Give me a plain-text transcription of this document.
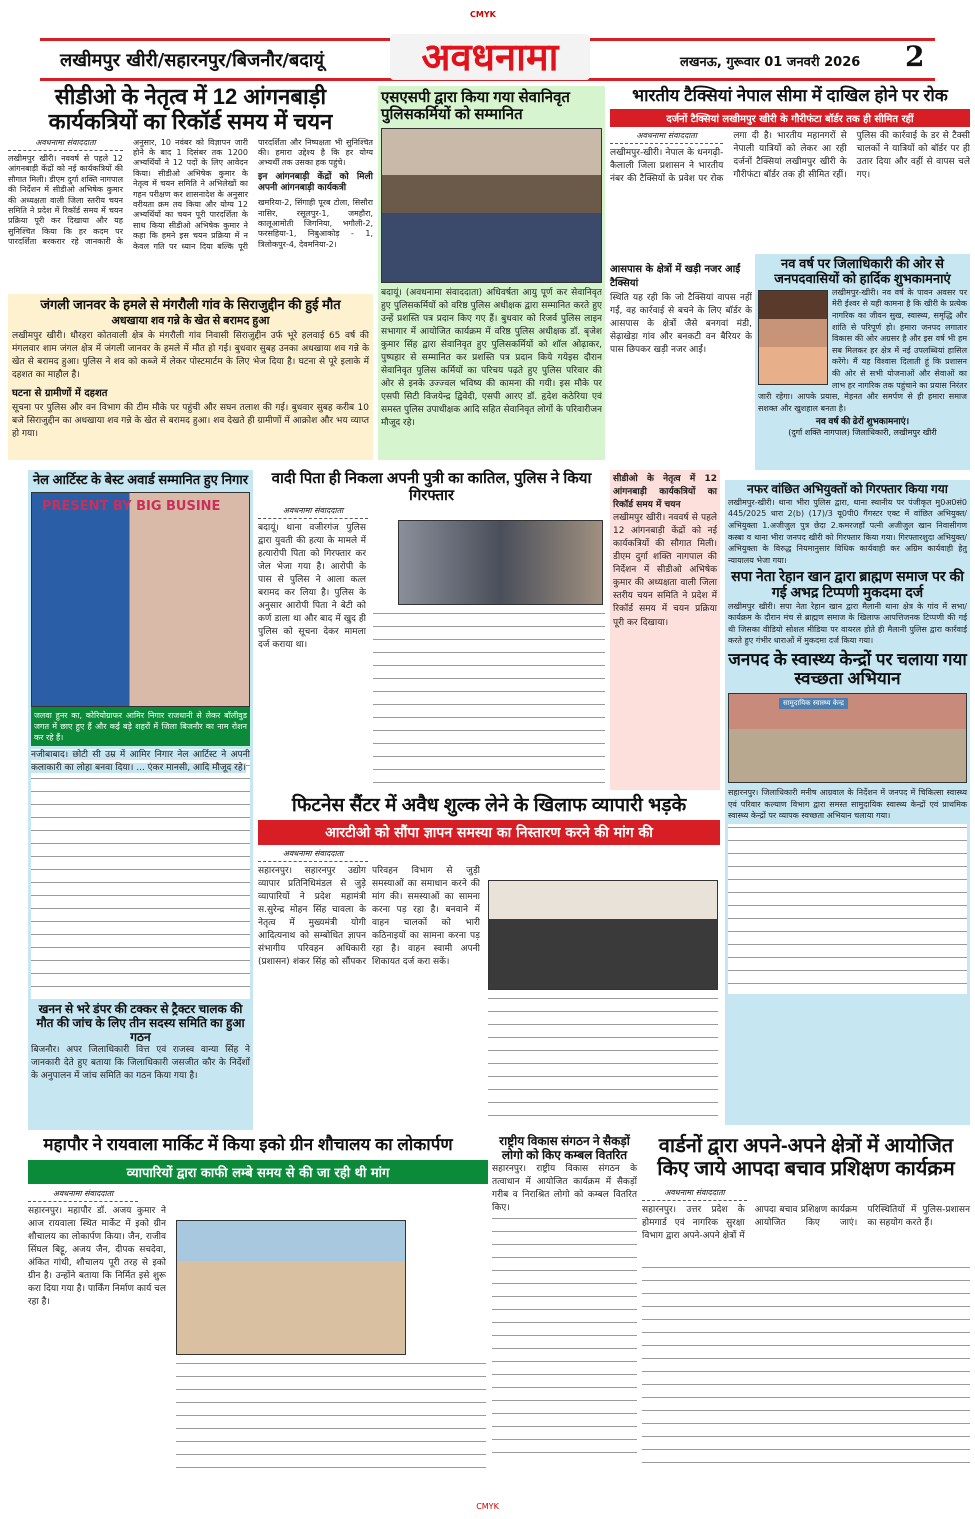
CMYK
लखीमपुर खीरी/सहारनपुर/बिजनौर/बदायूं	अवधनामा	लखनऊ, गुरूवार 01 जनवरी 2026 2
सीडीओ के नेतृत्व में 12 आंगनबाड़ी कार्यकत्रियों का रिकॉर्ड समय में चयन
अवधनामा संवाददाता
लखीमपुर खीरी। नववर्ष से पहले 12 आंगनबाड़ी केंद्रों को नई कार्यकत्रियों की सौगात मिली। डीएम दुर्गा शक्ति नागपाल की निर्देशन में सीडीओ अभिषेक कुमार की अध्यक्षता वाली जिला स्तरीय चयन समिति ने प्रदेश में रिकॉर्ड समय में चयन प्रक्रिया पूरी कर दिखाया और यह सुनिश्चित किया कि हर कदम पर पारदर्शिता बरकरार रहे जानकारी के अनुसार, 10 नवंबर को विज्ञापन जारी होने के बाद 1 दिसंबर तक 1200 अभ्यर्थियों ने 12 पदों के लिए आवेदन किया। सीडीओ अभिषेक कुमार के नेतृत्व में चयन समिति ने अभिलेखों का गहन परीक्षण कर शासनादेश के अनुसार वरीयता क्रम तय किया और योग्य 12 अभ्यर्थियों का चयन पूरी पारदर्शिता के साथ किया सीडीओ अभिषेक कुमार ने कहा कि हमने इस चयन प्रक्रिया में न केवल गति पर ध्यान दिया बल्कि पूरी पारदर्शिता और निष्पक्षता भी सुनिश्चित की। हमारा उद्देश्य है कि हर योग्य अभ्यर्थी तक उसका हक पहुंचे।
इन आंगनबाड़ी केंद्रों को मिली अपनी आंगनबाड़ी कार्यकत्री
खमरिया-2, सिंगाही पूरब टोला, सिसौरा नासिर, रसूलपुर-1, जमहौरा, कालूआमोती जिगनिया, भगौली-2, फरसहिया-1, निबुआकोड़ - 1, त्रिलोकपुर-4, देवमनिया-2।
जंगली जानवर के हमले से मंगरौली गांव के सिराजुद्दीन की हुई मौत
अधखाया शव गन्ने के खेत से बरामद हुआ
लखीमपुर खीरी। धौरहरा कोतवाली क्षेत्र के मंगरौली गांव निवासी सिराजुद्दीन उर्फ भूरे हलवाई 65 वर्ष की मंगलवार शाम जंगल क्षेत्र में जंगली जानवर के हमले में मौत हो गई। बुधवार सुबह उनका अधखाया शव गन्ने के खेत से बरामद हुआ। पुलिस ने शव को कब्जे में लेकर पोस्टमार्टम के लिए भेज दिया है। घटना से पूरे इलाके में दहशत का माहौल है।
घटना से ग्रामीणों में दहशत
सूचना पर पुलिस और वन विभाग की टीम मौके पर पहुंची और सघन तलाश की गई। बुधवार सुबह करीब 10 बजे सिराजुद्दीन का अधखाया शव गन्ने के खेत से बरामद हुआ। शव देखते ही ग्रामीणों में आक्रोश और भय व्याप्त हो गया।
एसएसपी द्वारा किया गया सेवानिवृत पुलिसकर्मियों को सम्मानित
बदायूं। (अवधनामा संवाददाता) अधिवर्षता आयु पूर्ण कर सेवानिवृत हुए पुलिसकर्मियों को वरिष्ठ पुलिस अधीक्षक द्वारा सम्मानित करते हुए उन्हें प्रशस्ति पत्र प्रदान किए गए हैं। बुधवार को रिजर्व पुलिस लाइन सभागार में आयोजित कार्यक्रम में वरिष्ठ पुलिस अधीक्षक डॉ. बृजेश कुमार सिंह द्वारा सेवानिवृत हुए पुलिसकर्मियों को शॉल ओढ़ाकर, पुष्पहार से सम्मानित कर प्रशस्ति पत्र प्रदान किये गयेइस दौरान सेवानिवृत पुलिस कर्मियों का परिचय पढ़ते हुए पुलिस परिवार की ओर से इनके उज्ज्वल भविष्य की कामना की गयी। इस मौके पर एसपी सिटी विजयेन्द्र द्विवेदी, एसपी आरए डॉ. हृदेश कठेरिया एवं समस्त पुलिस उपाधीक्षक आदि सहित सेवानिवृत लोगों के परिवारीजन मौजूद रहे।
भारतीय टैक्सियां नेपाल सीमा में दाखिल होने पर रोक
दर्जनों टैक्सियां लखीमपुर खीरी के गौरीफंटा बॉर्डर तक ही सीमित रहीं
अवधनामा संवाददाता
लखीमपुर-खीरी। नेपाल के धनगढ़ी-कैलाली जिला प्रशासन ने भारतीय नंबर की टैक्सियों के प्रवेश पर रोक लगा दी है। भारतीय महानगरों से नेपाली यात्रियों को लेकर आ रही दर्जनों टैक्सियां लखीमपुर खीरी के गौरीफंटा बॉर्डर तक ही सीमित रहीं। पुलिस की कार्रवाई के डर से टैक्सी चालकों ने यात्रियों को बॉर्डर पर ही उतार दिया और वहीं से वापस चले गए।
आसपास के क्षेत्रों में खड़ी नजर आईं टैक्सियां
स्थिति यह रही कि जो टैक्सियां वापस नहीं गईं, वह कार्रवाई से बचने के लिए बॉर्डर के आसपास के क्षेत्रों जैसे बनगवां मंडी, सेढ़ाखेड़ा गांव और बनकटी वन बैरियर के पास छिपकर खड़ी नजर आईं।
नव वर्ष पर जिलाधिकारी की ओर से जनपदवासियों को हार्दिक शुभकामनाएं
लखीमपुर-खीरी। नव वर्ष के पावन अवसर पर मेरी ईश्वर से यही कामना है कि खीरी के प्रत्येक नागरिक का जीवन सुख, स्वास्थ्य, समृद्धि और शांति से परिपूर्ण हो। हमारा जनपद लगातार विकास की ओर अग्रसर है और इस वर्ष भी हम सब मिलकर हर क्षेत्र में नई उपलब्धियां हासिल करेंगे। मैं यह विश्वास दिलाती हूं कि प्रशासन की ओर से सभी योजनाओं और सेवाओं का लाभ हर नागरिक तक पहुंचाने का प्रयास निरंतर जारी रहेगा। आपके प्रयास, मेहनत और समर्पण से ही हमारा समाज सशक्त और खुशहाल बनता है।
नव वर्ष की ढेरों शुभकामनाएं।
(दुर्गा शक्ति नागपाल) जिलाधिकारी, लखीमपुर खीरी
नेल आर्टिस्ट के बेस्ट अवार्ड सम्मानित हुए निगार
PRESENT BY BIG BUSINE
जलवा हुनर का, कोरियोग्राफर आमिर निगार राजधानी से लेकर बॉलीवुड जगत में छाए हुए हैं और कई बड़े शहरों में जिला बिजनौर का नाम रोशन कर रहे हैं।
नजीबाबाद। छोटी सी उम्र में आमिर निगार नेल आर्टिस्ट ने अपनी कलाकारी का लोहा बनवा दिया। ... एंकर मानसी, आदि मौजूद रहे।
खनन से भरे डंपर की टक्कर से ट्रैक्टर चालक की मौत की जांच के लिए तीन सदस्य समिति का हुआ गठन
बिजनौर। अपर जिलाधिकारी वित्त एवं राजस्व वान्या सिंह ने जानकारी देते हुए बताया कि जिलाधिकारी जसजीत कौर के निर्देशों के अनुपालन में जांच समिति का गठन किया गया है।
वादी पिता ही निकला अपनी पुत्री का कातिल, पुलिस ने किया गिरफ्तार
अवधनामा संवाददाता
बदायूं। थाना वजीरगंज पुलिस द्वारा युवती की हत्या के मामले में हत्यारोपी पिता को गिरफ्तार कर जेल भेजा गया है। आरोपी के पास से पुलिस ने आला कत्ल बरामद कर लिया है। पुलिस के अनुसार आरोपी पिता ने बेटी को कर्ण डाला था और बाद में खुद ही पुलिस को सूचना देकर मामला दर्ज कराया था।
सीडीओ के नेतृत्व में 12 आंगनबाड़ी कार्यकत्रियों का रिकॉर्ड समय में चयन
लखीमपुर खीरी। नववर्ष से पहले 12 आंगनबाड़ी केंद्रों को नई कार्यकत्रियों की सौगात मिली। डीएम दुर्गा शक्ति नागपाल की निर्देशन में सीडीओ अभिषेक कुमार की अध्यक्षता वाली जिला स्तरीय चयन समिति ने प्रदेश में रिकॉर्ड समय में चयन प्रक्रिया पूरी कर दिखाया।
नफर वांछित अभियुक्तों को गिरफ्तार किया गया
लखीमपुर-खीरी। थाना भीरा पुलिस द्वारा, थाना स्थानीय पर पंजीकृत मु0अ0सं0 445/2025 धारा 2(b) (17)/3 यू0पी0 गैंगस्टर एक्ट में वांछित अभियुक्त/अभियुक्ता 1.अजीजुल पुत्र छेदा 2.कमरजहाँ पत्नी अजीजुल खान निवासीगण कस्बा व थाना भीरा जनपद खीरी को गिरफ्तार किया गया। गिरफ्तारशुदा अभियुक्त/अभियुक्ता के विरुद्ध नियमानुसार विधिक कार्यवाही कर अग्रिम कार्यवाही हेतु न्यायालय भेजा गया।
सपा नेता रेहान खान द्वारा ब्राह्मण समाज पर की गई अभद्र टिप्पणी मुकदमा दर्ज
लखीमपुर खीरी। सपा नेता रेहान खान द्वारा मैलानी थाना क्षेत्र के गांव में सभा/कार्यक्रम के दौरान मंच से ब्राह्मण समाज के खिलाफ आपत्तिजनक टिप्पणी की गई थी जिसका वीडियो सोशल मीडिया पर वायरल होते ही मैलानी पुलिस द्वारा कार्रवाई करते हुए गंभीर धाराओं में मुकदमा दर्ज किया गया।
जनपद के स्वास्थ्य केन्द्रों पर चलाया गया स्वच्छता अभियान
सामुदायिक स्वास्थ्य केन्द्र
सहारनपुर। जिलाधिकारी मनीष आग्रवाल के निर्देशन में जनपद में चिकित्सा स्वास्थ्य एवं परिवार कल्याण विभाग द्वारा समस्त सामुदायिक स्वास्थ्य केन्द्रों एवं प्राथमिक स्वास्थ्य केन्द्रों पर व्यापक स्वच्छता अभियान चलाया गया।
फिटनेस सैंटर में अवैध शुल्क लेने के खिलाफ व्यापारी भड़के
आरटीओ को सौंपा ज्ञापन समस्या का निस्तारण करने की मांग की
अवधनामा संवाददाता
सहारनपुर। सहारनपुर उद्योग व्यापार प्रतिनिधिमंडल से जुड़े व्यापारियों ने प्रदेश महामंत्री स.सुरेन्द्र मोहन सिंह चावला के नेतृत्व में मुख्यमंत्री योगी आदित्यनाथ को सम्बोधित ज्ञापन संभागीय परिवहन अधिकारी (प्रशासन) शंकर सिंह को सौंपकर परिवहन विभाग से जुड़ी समस्याओं का समाधान करने की मांग की। समस्याओं का सामना करना पड़ रहा है। बनवाने में वाहन चालकों को भारी कठिनाइयों का सामना करना पड़ रहा है। वाहन स्वामी अपनी शिकायत दर्ज करा सकें।
महापौर ने रायवाला मार्किट में किया इको ग्रीन शौचालय का लोकार्पण
व्यापारियों द्वारा काफी लम्बे समय से की जा रही थी मांग
अवधनामा संवाददाता
सहारनपुर। महापौर डॉ. अजय कुमार ने आज रायवाला स्थित मार्केट में इको ग्रीन शौचालय का लोकार्पण किया। जैन, राजीव सिंघल बिट्टू, अजय जैन, दीपक सचदेवा, अंकित गांधी, शौचालय पूरी तरह से इको ग्रीन है। उन्होंने बताया कि निर्मित इसे शुरू करा दिया गया है। पार्किंग निर्माण कार्य चल रहा है।
राष्ट्रीय विकास संगठन ने सैकड़ों लोगो को किए कम्बल वितरित
सहारनपुर। राष्ट्रीय विकास संगठन के तत्वाधान में आयोजित कार्यक्रम में सैकड़ों गरीब व निराश्रित लोगो को कम्बल वितरित किए।
वार्डनों द्वारा अपने-अपने क्षेत्रों में आयोजित किए जाये आपदा बचाव प्रशिक्षण कार्यक्रम
अवधनामा संवाददाता
सहारनपुर। उत्तर प्रदेश के होमगार्ड एवं नागरिक सुरक्षा विभाग द्वारा अपने-अपने क्षेत्रों में आपदा बचाव प्रशिक्षण कार्यक्रम आयोजित किए जाएं। परिस्थितियों में पुलिस-प्रशासन का सहयोग करते हैं।
CMYK
